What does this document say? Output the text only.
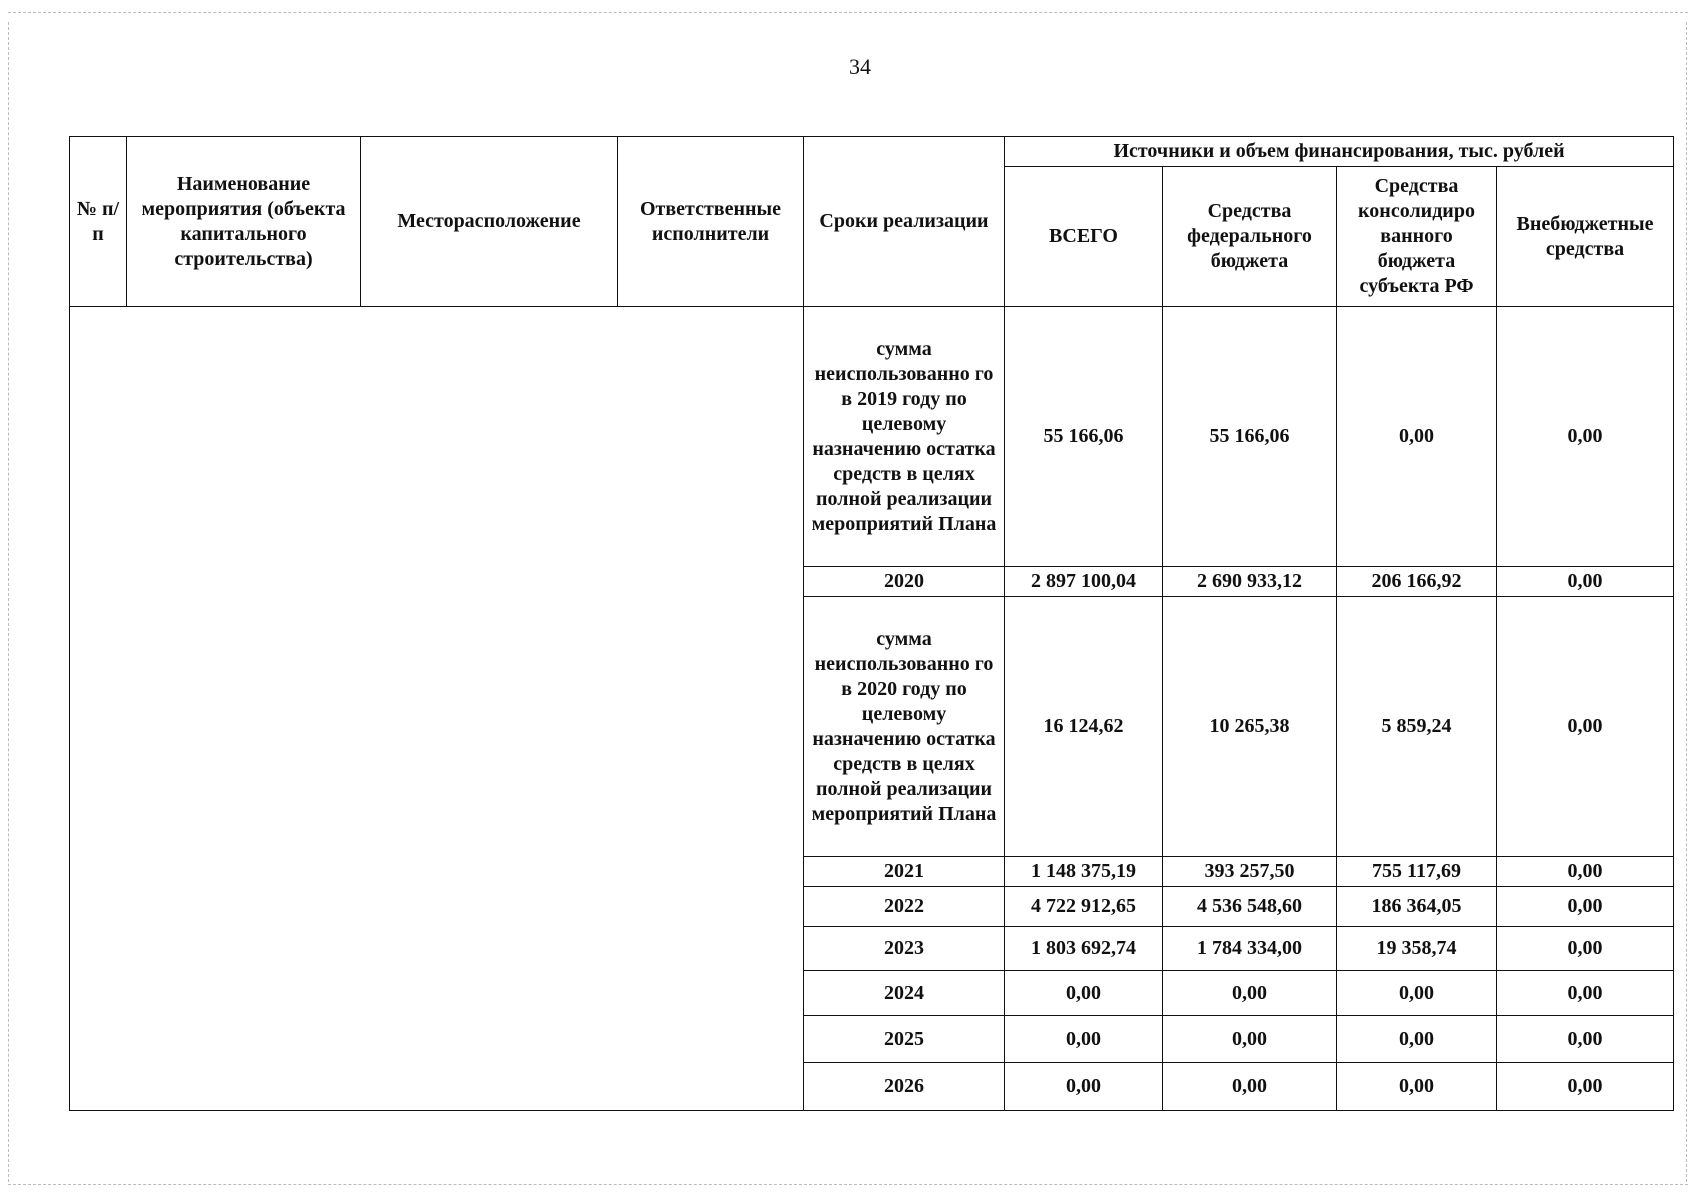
34
№ п/п	Наименование мероприятия (объекта капитального строительства)	Месторасположение	Ответственные исполнители	Сроки реализации	Источники и объем финансирования, тыс. рублей			
					ВСЕГО	Средства федерального бюджета	Средства консолидиро ванного бюджета субъекта РФ	Внебюджетные средства
				сумма неиспользованно го в 2019 году по целевому назначению остатка средств в целях полной реализации мероприятий Плана	55 166,06	55 166,06	0,00	0,00
				2020	2 897 100,04	2 690 933,12	206 166,92	0,00
				сумма неиспользованно го в 2020 году по целевому назначению остатка средств в целях полной реализации мероприятий Плана	16 124,62	10 265,38	5 859,24	0,00
				2021	1 148 375,19	393 257,50	755 117,69	0,00
				2022	4 722 912,65	4 536 548,60	186 364,05	0,00
				2023	1 803 692,74	1 784 334,00	19 358,74	0,00
				2024	0,00	0,00	0,00	0,00
				2025	0,00	0,00	0,00	0,00
				2026	0,00	0,00	0,00	0,00
